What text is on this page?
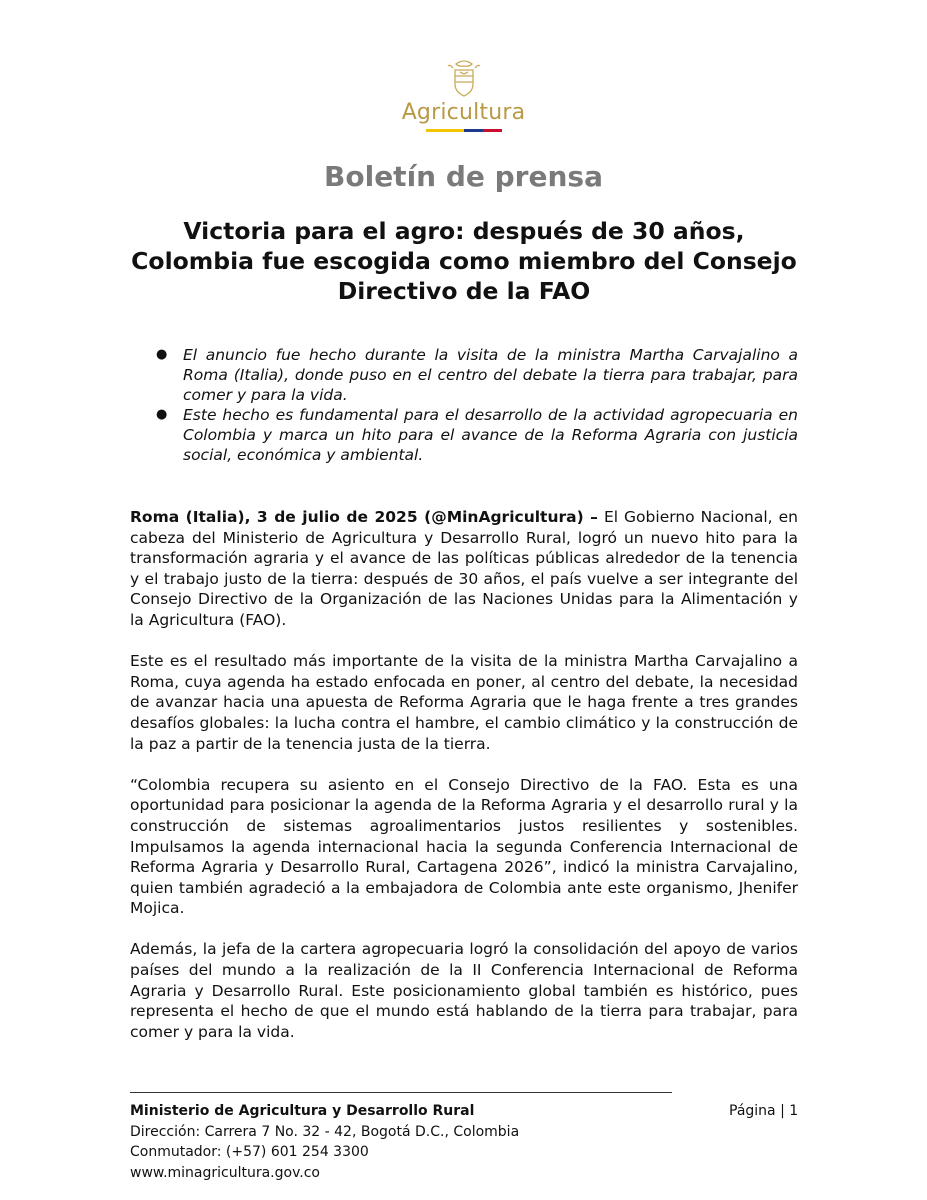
Agricultura
Boletín de prensa
Victoria para el agro: después de 30 años, Colombia fue escogida como miembro del Consejo Directivo de la FAO
● El anuncio fue hecho durante la visita de la ministra Martha Carvajalino a Roma (Italia), donde puso en el centro del debate la tierra para trabajar, para comer y para la vida.
● Este hecho es fundamental para el desarrollo de la actividad agropecuaria en Colombia y marca un hito para el avance de la Reforma Agraria con justicia social, económica y ambiental.

Roma (Italia), 3 de julio de 2025 (@MinAgricultura) – El Gobierno Nacional, en cabeza del Ministerio de Agricultura y Desarrollo Rural, logró un nuevo hito para la transformación agraria y el avance de las políticas públicas alrededor de la tenencia y el trabajo justo de la tierra: después de 30 años, el país vuelve a ser integrante del Consejo Directivo de la Organización de las Naciones Unidas para la Alimentación y la Agricultura (FAO).

Este es el resultado más importante de la visita de la ministra Martha Carvajalino a Roma, cuya agenda ha estado enfocada en poner, al centro del debate, la necesidad de avanzar hacia una apuesta de Reforma Agraria que le haga frente a tres grandes desafíos globales: la lucha contra el hambre, el cambio climático y la construcción de la paz a partir de la tenencia justa de la tierra.

“Colombia recupera su asiento en el Consejo Directivo de la FAO. Esta es una oportunidad para posicionar la agenda de la Reforma Agraria y el desarrollo rural y la construcción de sistemas agroalimentarios justos resilientes y sostenibles. Impulsamos la agenda internacional hacia la segunda Conferencia Internacional de Reforma Agraria y Desarrollo Rural, Cartagena 2026”, indicó la ministra Carvajalino, quien también agradeció a la embajadora de Colombia ante este organismo, Jhenifer Mojica.

Además, la jefa de la cartera agropecuaria logró la consolidación del apoyo de varios países del mundo a la realización de la II Conferencia Internacional de Reforma Agraria y Desarrollo Rural. Este posicionamiento global también es histórico, pues representa el hecho de que el mundo está hablando de la tierra para trabajar, para comer y para la vida.

Ministerio de Agricultura y Desarrollo Rural
Dirección: Carrera 7 No. 32 - 42, Bogotá D.C., Colombia
Conmutador: (+57) 601 254 3300
www.minagricultura.gov.co
Página | 1
